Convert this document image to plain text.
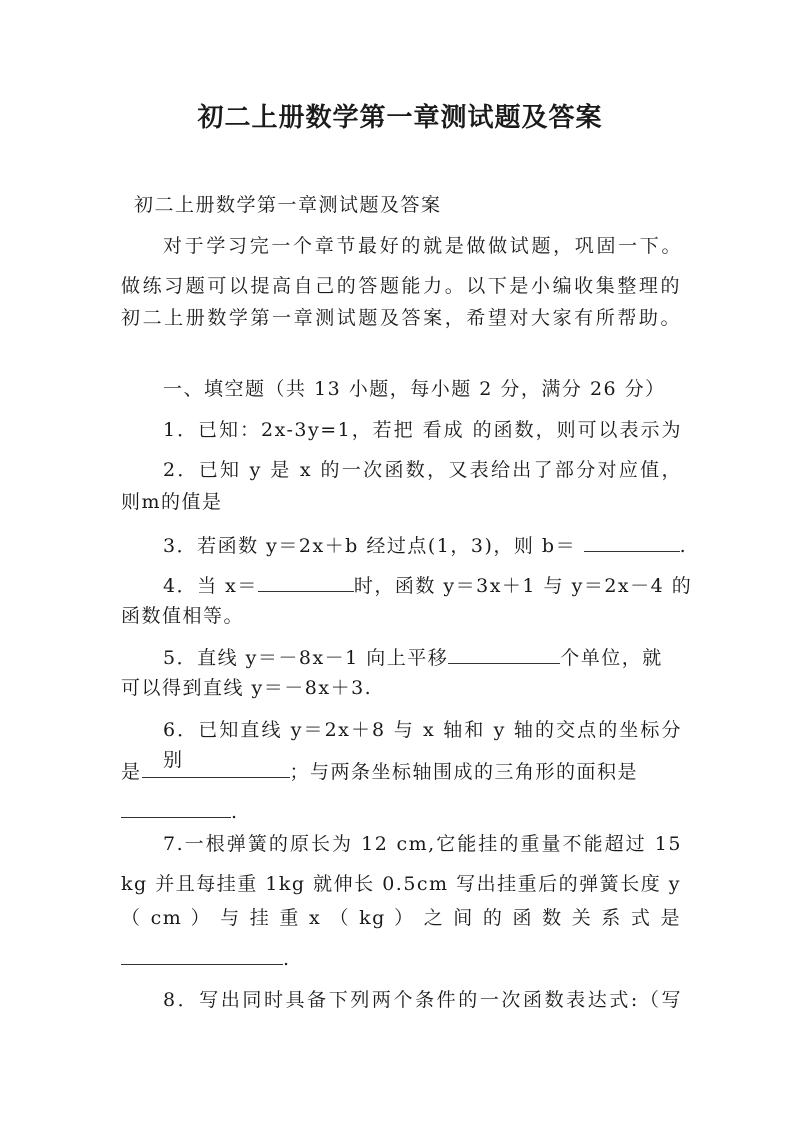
初二上册数学第一章测试题及答案
初二上册数学第一章测试题及答案
对于学习完一个章节最好的就是做做试题，巩固一下。
做练习题可以提高自己的答题能力。以下是小编收集整理的
初二上册数学第一章测试题及答案，希望对大家有所帮助。
一、填空题（共 13 小题，每小题 2 分，满分 26 分）
1．已知：2x-3y=1，若把 看成 的函数，则可以表示为
2．已知 y 是 x 的一次函数，又表给出了部分对应值，
则m的值是
3．若函数 y＝2x＋b 经过点(1，3)，则 b＝	.
4．当 x＝	时，函数 y＝3x＋1 与 y＝2x－4 的
函数值相等。
5．直线 y＝－8x－1 向上平移	个单位，就
可以得到直线 y＝－8x＋3.
6．已知直线 y＝2x＋8 与 x 轴和 y 轴的交点的坐标分别
是	；与两条坐标轴围成的三角形的面积是
.
7.一根弹簧的原长为 12 cm,它能挂的重量不能超过 15
kg 并且每挂重 1kg 就伸长 0.5cm 写出挂重后的弹簧长度 y
（ cm ） 与 挂 重 x （ kg ） 之 间 的 函 数 关 系 式 是
.
8．写出同时具备下列两个条件的一次函数表达式:（写
